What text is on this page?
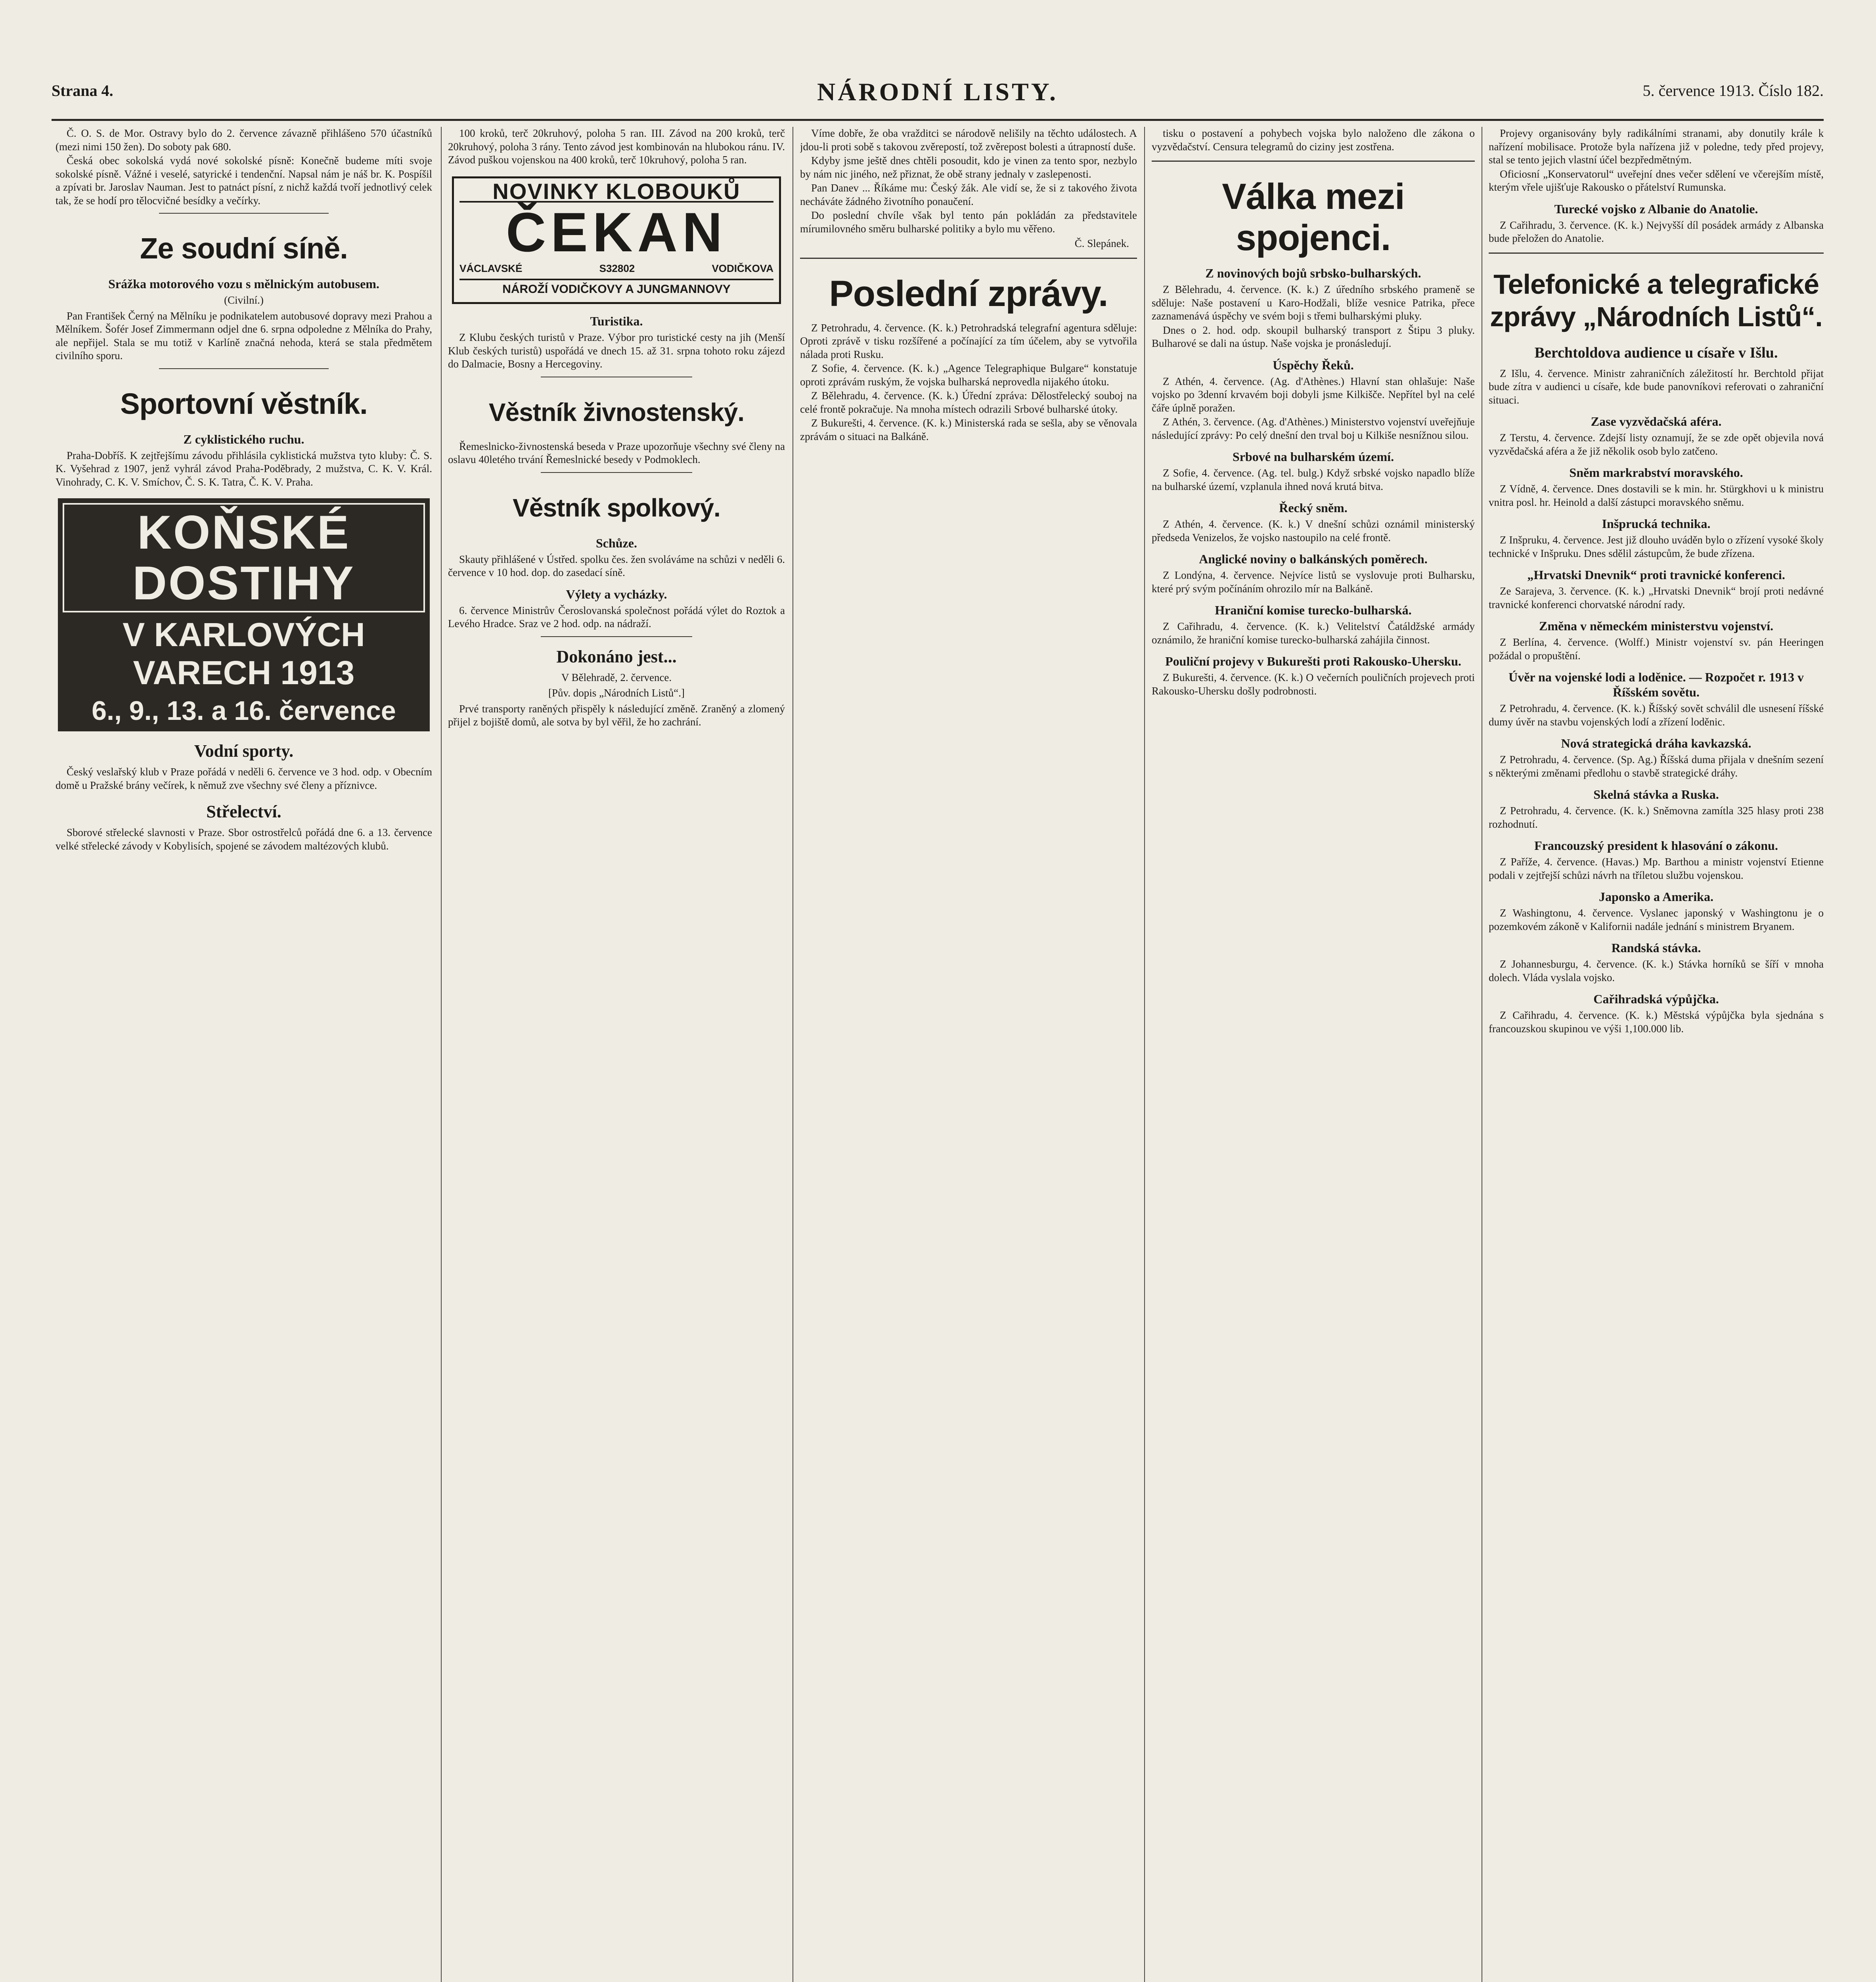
Strana 4.	NÁRODNÍ LISTY.	5. července 1913. Číslo 182.

Č. O. S. de Mor. Ostravy bylo do 2. července závazně přihlášeno 570 účastníků (mezi nimi 150 žen). Do soboty pak 680.

Česká obec sokolská vydá nové sokolské písně: Konečně budeme míti svoje sokolské písně. Vážné i veselé, satyrické i tendenční. Napsal nám je náš br. K. Pospíšil a zpívati br. Jaroslav Nauman. Jest to patnáct písní, z nichž každá tvoří jednotlivý celek tak, že se hodí pro tělocvičné besídky a večírky.

Ze soudní síně.
Srážka motorového vozu s mělnickým autobusem.
(Civilní.)

Pan František Černý na Mělníku je podnikatelem autobusové dopravy mezi Prahou a Mělníkem. Šofér Josef Zimmermann odjel dne 6. srpna odpoledne z Mělníka do Prahy, ale nepřijel. Stala se mu totiž v Karlíně značná nehoda, která se stala předmětem civilního sporu.

Sportovní věstník.
Z cyklistického ruchu.

Praha-Dobříš. K zejtřejšímu závodu přihlásila cyklistická mužstva tyto kluby: Č. S. K. Vyšehrad z 1907, jenž vyhrál závod Praha-Poděbrady, 2 mužstva, C. K. V. Král. Vinohrady, C. K. V. Smíchov, Č. S. K. Tatra, Č. K. V. Praha.

KOŇSKÉ DOSTIHY
V KARLOVÝCH VARECH 1913
6., 9., 13. a 16. července
Vodní sporty.

Český veslařský klub v Praze pořádá v neděli 6. července ve 3 hod. odp. v Obecním domě u Pražské brány večírek, k němuž zve všechny své členy a příznivce.

Střelectví.

Sborové střelecké slavnosti v Praze. Sbor ostrostřelců pořádá dne 6. a 13. července velké střelecké závody v Kobylisích, spojené se závodem maltézových klubů.

100 kroků, terč 20kruhový, poloha 5 ran. III. Závod na 200 kroků, terč 20kruhový, poloha 3 rány. Tento závod jest kombinován na hlubokou ránu. IV. Závod puškou vojenskou na 400 kroků, terč 10kruhový, poloha 5 ran.

NOVINKY KLOBOUKŮ
ČEKAN
VÁCLAVSKÉ	S32802	VODIČKOVA
NÁROŽÍ VODIČKOVY A JUNGMANNOVY
Turistika.

Z Klubu českých turistů v Praze. Výbor pro turistické cesty na jih (Menší Klub českých turistů) uspořádá ve dnech 15. až 31. srpna tohoto roku zájezd do Dalmacie, Bosny a Hercegoviny.

Věstník živnostenský.

Řemeslnicko-živnostenská beseda v Praze upozorňuje všechny své členy na oslavu 40letého trvání Řemeslnické besedy v Podmoklech.

Věstník spolkový.
Schůze.

Skauty přihlášené v Ústřed. spolku čes. žen svoláváme na schůzi v neděli 6. července v 10 hod. dop. do zasedací síně.

Výlety a vycházky.

6. července Ministrův Čeroslovanská společnost pořádá výlet do Roztok a Levého Hradce. Sraz ve 2 hod. odp. na nádraží.

Dokonáno jest...
V Bělehradě, 2. července.
[Pův. dopis „Národních Listů“.]

Prvé transporty raněných přispěly k následující změně. Zraněný a zlomený přijel z bojiště domů, ale sotva by byl věřil, že ho zachrání.

Víme dobře, že oba vražditci se národově nelišily na těchto událostech. A jdou-li proti sobě s takovou zvěrepostí, tož zvěrepost bolesti a útrapností duše.

Kdyby jsme ještě dnes chtěli posoudit, kdo je vinen za tento spor, nezbylo by nám nic jiného, než přiznat, že obě strany jednaly v zaslepenosti.

Pan Danev ... Říkáme mu: Český žák. Ale vidí se, že si z takového života necháváte žádného životního ponaučení.

Do poslední chvíle však byl tento pán pokládán za představitele mírumilovného směru bulharské politiky a bylo mu věřeno.

Č. Slepánek.
Poslední zprávy.

Z Petrohradu, 4. července. (K. k.) Petrohradská telegrafní agentura sděluje: Oproti zprávě v tisku rozšířené a počínající za tím účelem, aby se vytvořila nálada proti Rusku.

Z Sofie, 4. července. (K. k.) „Agence Telegraphique Bulgare“ konstatuje oproti zprávám ruským, že vojska bulharská neprovedla nijakého útoku.

Z Bělehradu, 4. července. (K. k.) Úřední zpráva: Dělostřelecký souboj na celé frontě pokračuje. Na mnoha místech odrazili Srbové bulharské útoky.

Z Bukurešti, 4. července. (K. k.) Ministerská rada se sešla, aby se věnovala zprávám o situaci na Balkáně.

tisku o postavení a pohybech vojska bylo naloženo dle zákona o vyzvědačství. Censura telegramů do ciziny jest zostřena.

Válka mezi spojenci.
Z novinových bojů srbsko-bulharských.

Z Bělehradu, 4. července. (K. k.) Z úředního srbského prameně se sděluje: Naše postavení u Karo-Hodžali, blíže vesnice Patrika, přece zaznamenává úspěchy ve svém boji s třemi bulharskými pluky.

Dnes o 2. hod. odp. skoupil bulharský transport z Štipu 3 pluky. Bulharové se dali na ústup. Naše vojska je pronásledují.

Úspěchy Řeků.

Z Athén, 4. července. (Ag. d'Athènes.) Hlavní stan ohlašuje: Naše vojsko po 3denní krvavém boji dobyli jsme Kilkišče. Nepřítel byl na celé čáře úplně poražen.

Z Athén, 3. července. (Ag. d'Athènes.) Ministerstvo vojenství uveřejňuje následující zprávy: Po celý dnešní den trval boj u Kilkiše nesnížnou silou.

Srbové na bulharském území.

Z Sofie, 4. července. (Ag. tel. bulg.) Když srbské vojsko napadlo blíže na bulharské území, vzplanula ihned nová krutá bitva.

Řecký sněm.

Z Athén, 4. července. (K. k.) V dnešní schůzi oznámil ministerský předseda Venizelos, že vojsko nastoupilo na celé frontě.

Anglické noviny o balkánských poměrech.

Z Londýna, 4. července. Nejvíce listů se vyslovuje proti Bulharsku, které prý svým počínáním ohrozilo mír na Balkáně.

Hraniční komise turecko-bulharská.

Z Cařihradu, 4. července. (K. k.) Velitelství Čatáldžské armády oznámilo, že hraniční komise turecko-bulharská zahájila činnost.

Pouliční projevy v Bukurešti proti Rakousko-Uhersku.

Z Bukurešti, 4. července. (K. k.) O večerních pouličních projevech proti Rakousko-Uhersku došly podrobnosti.

Projevy organisovány byly radikálními stranami, aby donutily krále k nařízení mobilisace. Protože byla nařízena již v poledne, tedy před projevy, stal se tento jejich vlastní účel bezpředmětným.

Oficiosní „Konservatorul“ uveřejní dnes večer sdělení ve včerejším místě, kterým vřele ujišťuje Rakousko o přátelství Rumunska.

Turecké vojsko z Albanie do Anatolie.

Z Cařihradu, 3. července. (K. k.) Nejvyšší díl posádek armády z Albanska bude přeložen do Anatolie.

Telefonické a telegrafické zprávy „Národních Listů“.
Berchtoldova audience u císaře v Išlu.

Z Išlu, 4. července. Ministr zahraničních záležitostí hr. Berchtold přijat bude zítra v audienci u císaře, kde bude panovníkovi referovati o zahraniční situaci.

Zase vyzvědačská aféra.

Z Terstu, 4. července. Zdejší listy oznamují, že se zde opět objevila nová vyzvědačská aféra a že již několik osob bylo zatčeno.

Sněm markrabství moravského.

Z Vídně, 4. července. Dnes dostavili se k min. hr. Stürgkhovi u k ministru vnitra posl. hr. Heinold a další zástupci moravského sněmu.

Inšprucká technika.

Z Inšpruku, 4. července. Jest již dlouho uváděn bylo o zřízení vysoké školy technické v Inšpruku. Dnes sdělil zástupcům, že bude zřízena.

„Hrvatski Dnevnik“ proti travnické konferenci.

Ze Sarajeva, 3. července. (K. k.) „Hrvatski Dnevnik“ brojí proti nedávné travnické konferenci chorvatské národní rady.

Změna v německém ministerstvu vojenství.

Z Berlína, 4. července. (Wolff.) Ministr vojenství sv. pán Heeringen požádal o propuštění.

Úvěr na vojenské lodi a loděnice. — Rozpočet r. 1913 v Říšském sovětu.

Z Petrohradu, 4. července. (K. k.) Říšský sovět schválil dle usnesení říšské dumy úvěr na stavbu vojenských lodí a zřízení loděnic.

Nová strategická dráha kavkazská.

Z Petrohradu, 4. července. (Sp. Ag.) Říšská duma přijala v dnešním sezení s některými změnami předlohu o stavbě strategické dráhy.

Skelná stávka a Ruska.

Z Petrohradu, 4. července. (K. k.) Sněmovna zamítla 325 hlasy proti 238 rozhodnutí.

Francouzský president k hlasování o zákonu.

Z Paříže, 4. července. (Havas.) Mp. Barthou a ministr vojenství Etienne podali v zejtřejší schůzi návrh na tříletou službu vojenskou.

Japonsko a Amerika.

Z Washingtonu, 4. července. Vyslanec japonský v Washingtonu je o pozemkovém zákoně v Kalifornii nadále jednání s ministrem Bryanem.

Randská stávka.

Z Johannesburgu, 4. července. (K. k.) Stávka horníků se šíří v mnoha dolech. Vláda vyslala vojsko.

Cařihradská výpůjčka.

Z Cařihradu, 4. července. (K. k.) Městská výpůjčka byla sjednána s francouzskou skupinou ve výši 1,100.000 lib.
